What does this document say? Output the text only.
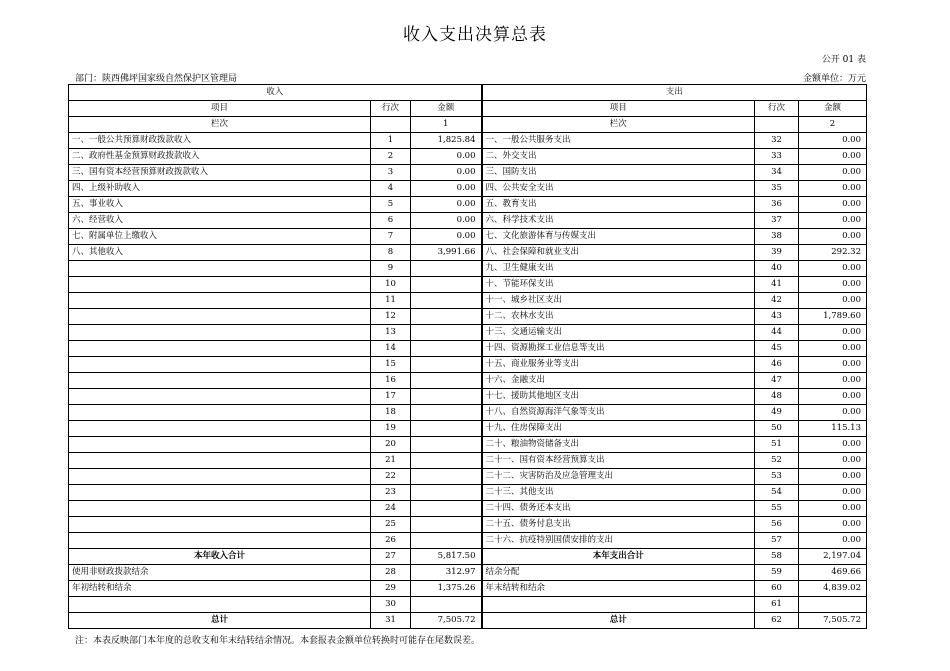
收入支出决算总表
公开 01 表
部门：陕西佛坪国家级自然保护区管理局	金额单位：万元
收入			支出		
项目	行次	金额	项目	行次	金额
栏次		1	栏次		2
一、一般公共预算财政拨款收入	1	1,825.84	一、一般公共服务支出	32	0.00
二、政府性基金预算财政拨款收入	2	0.00	二、外交支出	33	0.00
三、国有资本经营预算财政拨款收入	3	0.00	三、国防支出	34	0.00
四、上级补助收入	4	0.00	四、公共安全支出	35	0.00
五、事业收入	5	0.00	五、教育支出	36	0.00
六、经营收入	6	0.00	六、科学技术支出	37	0.00
七、附属单位上缴收入	7	0.00	七、文化旅游体育与传媒支出	38	0.00
八、其他收入	8	3,991.66	八、社会保障和就业支出	39	292.32
	9		九、卫生健康支出	40	0.00
	10		十、节能环保支出	41	0.00
	11		十一、城乡社区支出	42	0.00
	12		十二、农林水支出	43	1,789.60
	13		十三、交通运输支出	44	0.00
	14		十四、资源勘探工业信息等支出	45	0.00
	15		十五、商业服务业等支出	46	0.00
	16		十六、金融支出	47	0.00
	17		十七、援助其他地区支出	48	0.00
	18		十八、自然资源海洋气象等支出	49	0.00
	19		十九、住房保障支出	50	115.13
	20		二十、粮油物资储备支出	51	0.00
	21		二十一、国有资本经营预算支出	52	0.00
	22		二十二、灾害防治及应急管理支出	53	0.00
	23		二十三、其他支出	54	0.00
	24		二十四、债务还本支出	55	0.00
	25		二十五、债务付息支出	56	0.00
	26		二十六、抗疫特别国债安排的支出	57	0.00
本年收入合计	27	5,817.50	本年支出合计	58	2,197.04
使用非财政拨款结余	28	312.97	结余分配	59	469.66
年初结转和结余	29	1,375.26	年末结转和结余	60	4,839.02
	30			61	
总计	31	7,505.72	总计	62	7,505.72
注：本表反映部门本年度的总收支和年末结转结余情况。本套报表金额单位转换时可能存在尾数误差。
